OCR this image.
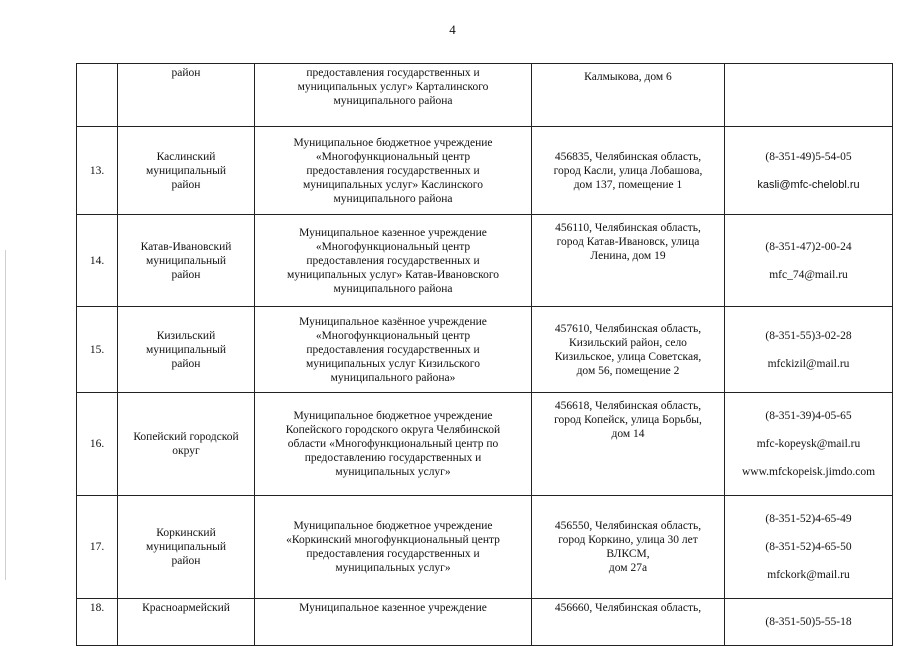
4
	район	предоставления государственных и
муниципальных услуг» Карталинского
муниципального района	Калмыкова, дом 6	
13.	Каслинский
муниципальный
район	Муниципальное бюджетное учреждение
«Многофункциональный центр
предоставления государственных и
муниципальных услуг» Каслинского
муниципального района	456835, Челябинская область,
город Касли, улица Лобашова,
дом 137, помещение 1	(8-351-49)5-54-05

kasli@mfc-chelobl.ru

14.	Катав-Ивановский
муниципальный
район	Муниципальное казенное учреждение
«Многофункциональный центр
предоставления государственных и
муниципальных услуг» Катав-Ивановского
муниципального района	456110, Челябинская область,
город Катав-Ивановск, улица
Ленина, дом 19	(8-351-47)2-00-24

mfc_74@mail.ru

15.	Кизильский
муниципальный
район	Муниципальное казённое учреждение
«Многофункциональный центр
предоставления государственных и
муниципальных услуг Кизильского
муниципального района»	457610, Челябинская область,
Кизильский район, село
Кизильское, улица Советская,
дом 56, помещение 2	(8-351-55)3-02-28

mfckizil@mail.ru

16.	Копейский городской
округ	Муниципальное бюджетное учреждение
Копейского городского округа Челябинской
области «Многофункциональный центр по
предоставлению государственных и
муниципальных услуг»	456618, Челябинская область,
город Копейск, улица Борьбы,
дом 14	(8-351-39)4-05-65

mfc-kopeysk@mail.ru

www.mfckopeisk.jimdo.com

17.	Коркинский
муниципальный
район	Муниципальное бюджетное учреждение
«Коркинский многофункциональный центр
предоставления государственных и
муниципальных услуг»	456550, Челябинская область,
город Коркино, улица 30 лет
ВЛКСМ,
дом 27а	(8-351-52)4-65-49

(8-351-52)4-65-50

mfckork@mail.ru

18.	Красноармейский	Муниципальное казенное учреждение	456660, Челябинская область,	(8-351-50)5-55-18
